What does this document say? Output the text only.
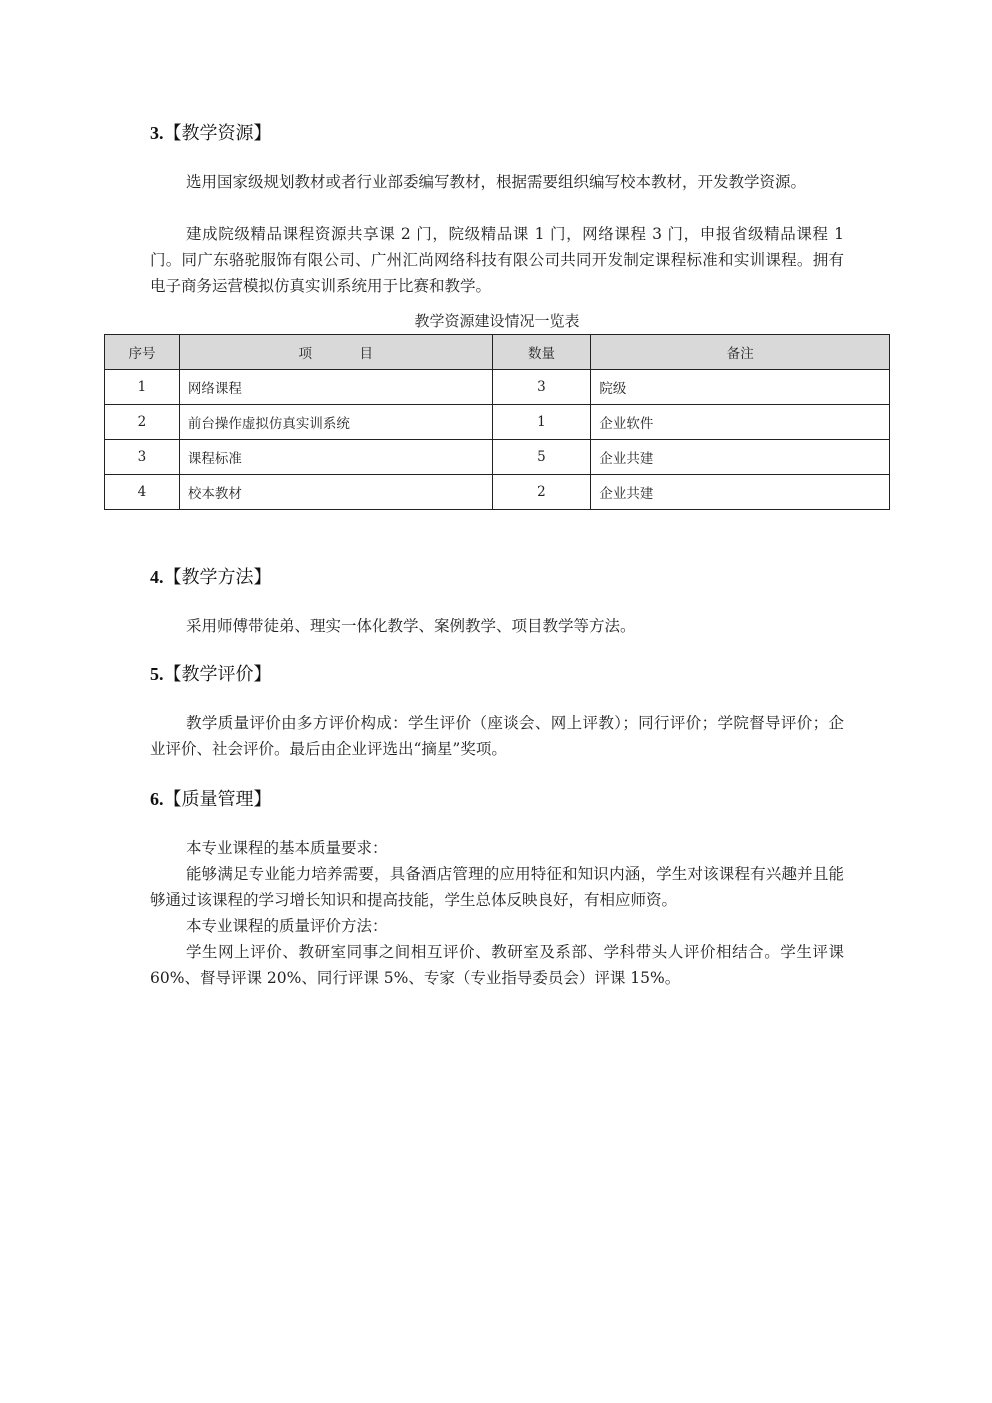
3.【教学资源】

选用国家级规划教材或者行业部委编写教材，根据需要组织编写校本教材，开发教学资源。

建成院级精品课程资源共享课 2 门，院级精品课 1 门，网络课程 3 门，申报省级精品课程 1 门。同广东骆驼服饰有限公司、广州汇尚网络科技有限公司共同开发制定课程标准和实训课程。拥有电子商务运营模拟仿真实训系统用于比赛和教学。

教学资源建设情况一览表
序号	项 目	数量	备注
1	网络课程	3	院级
2	前台操作虚拟仿真实训系统	1	企业软件
3	课程标准	5	企业共建
4	校本教材	2	企业共建
4.【教学方法】

采用师傅带徒弟、理实一体化教学、案例教学、项目教学等方法。

5.【教学评价】

教学质量评价由多方评价构成：学生评价（座谈会、网上评教）；同行评价；学院督导评价；企业评价、社会评价。最后由企业评选出“摘星”奖项。

6.【质量管理】

本专业课程的基本质量要求：

能够满足专业能力培养需要，具备酒店管理的应用特征和知识内涵，学生对该课程有兴趣并且能够通过该课程的学习增长知识和提高技能，学生总体反映良好，有相应师资。

本专业课程的质量评价方法：

学生网上评价、教研室同事之间相互评价、教研室及系部、学科带头人评价相结合。学生评课 60%、督导评课 20%、同行评课 5%、专家（专业指导委员会）评课 15%。
